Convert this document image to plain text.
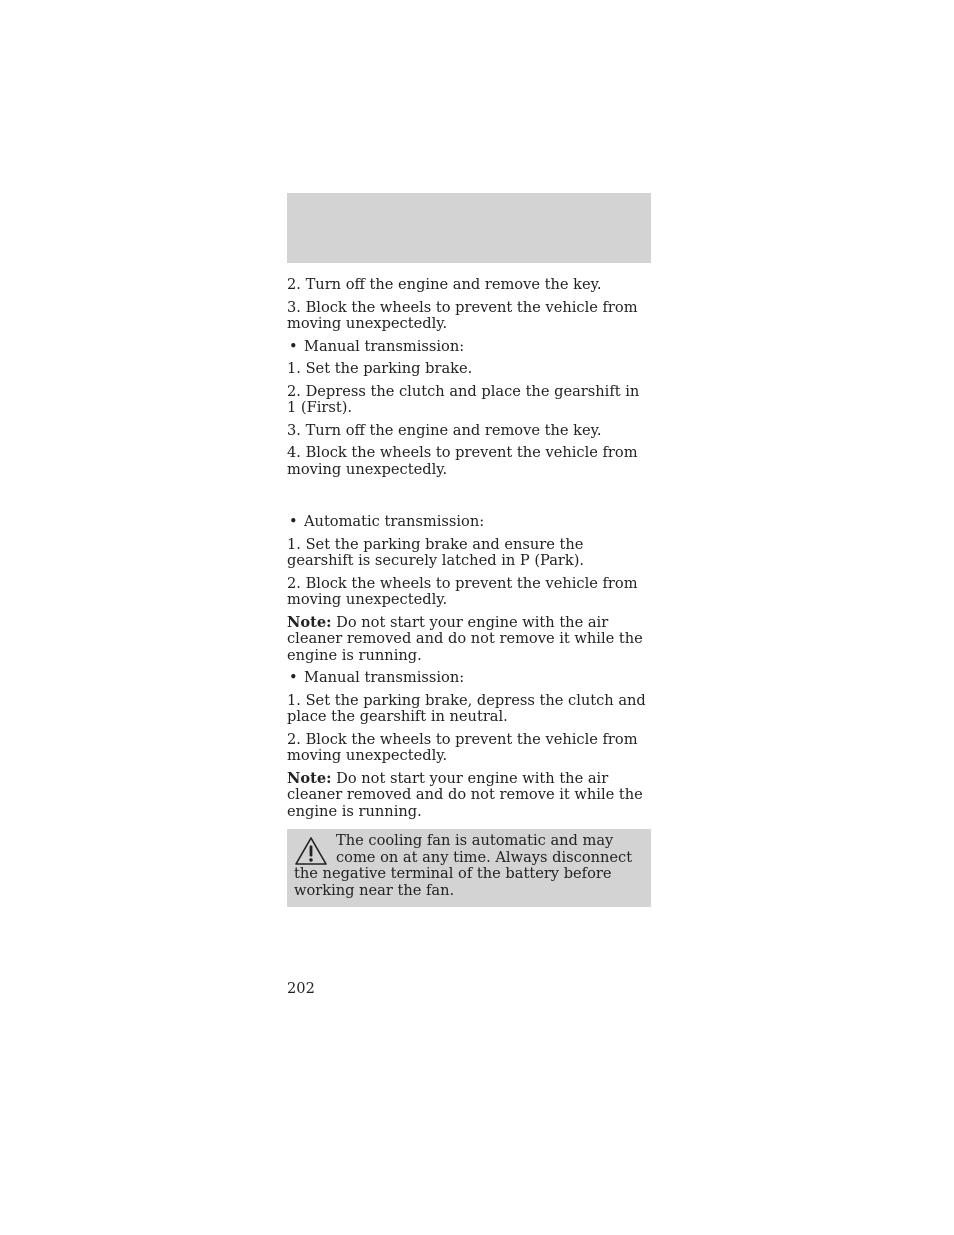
2. Turn off the engine and remove the key.

3. Block the wheels to prevent the vehicle from moving unexpectedly.

• Manual transmission:

1. Set the parking brake.

2. Depress the clutch and place the gearshift in 1 (First).

3. Turn off the engine and remove the key.

4. Block the wheels to prevent the vehicle from moving unexpectedly.

• Automatic transmission:

1. Set the parking brake and ensure the gearshift is securely latched in P (Park).

2. Block the wheels to prevent the vehicle from moving unexpectedly.

Note: Do not start your engine with the air cleaner removed and do not remove it while the engine is running.

• Manual transmission:

1. Set the parking brake, depress the clutch and place the gearshift in neutral.

2. Block the wheels to prevent the vehicle from moving unexpectedly.

Note: Do not start your engine with the air cleaner removed and do not remove it while the engine is running.

The cooling fan is automatic and may come on at any time. Always disconnect the negative terminal of the battery before working near the fan.
202
